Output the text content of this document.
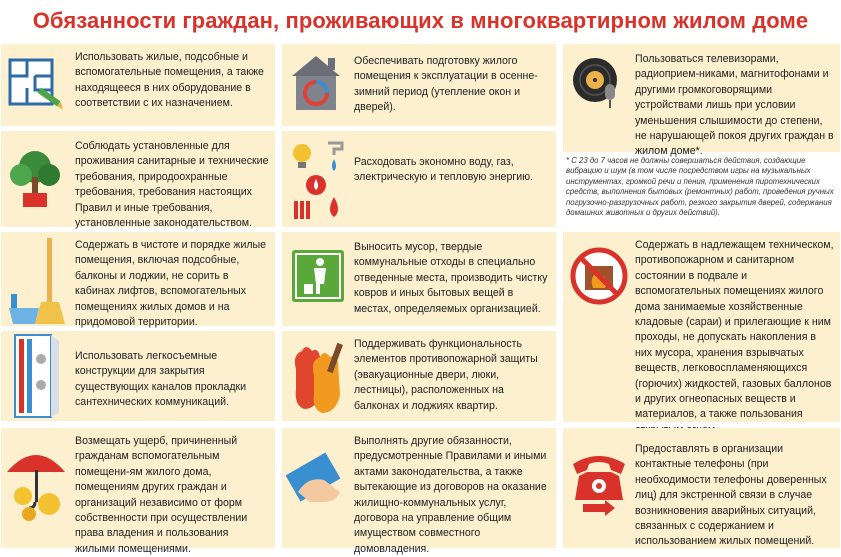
Обязанности граждан, проживающих в многоквартирном жилом доме
Использовать жилые, подсобные и вспомогательные помещения, а также находящееся в них оборудование в соответствии с их назначением.
Обеспечивать подготовку жилого помещения к эксплуатации в осенне-зимний период (утепление окон и дверей).
Пользоваться телевизорами, радиоприем-никами, магнитофонами и другими громкоговорящими устройствами лишь при условии уменьшения слышимости до степени, не нарушающей покоя других граждан в жилом доме*.
Соблюдать установленные для проживания санитарные и технические требования, природоохранные требования, требования настоящих Правил и иные требования, установленные законодательством.
Расходовать экономно воду, газ, электрическую и тепловую энергию.
* С 23 до 7 часов не должны совершаться действия, создающие вибрацию и шум (в том числе посредством игры на музыкальных инструментах, громкой речи и пения, применения пиротехнических средств, выполнения бытовых (ремонтных) работ, проведения ручных погрузочно-разгрузочных работ, резкого закрытия дверей, содержания домашних животных и других действий).
Содержать в чистоте и порядке жилые помещения, включая подсобные, балконы и лоджии, не сорить в кабинах лифтов, вспомогательных помещениях жилых домов и на придомовой территории.
Выносить мусор, твердые коммунальные отходы в специально отведенные места, производить чистку ковров и иных бытовых вещей в местах, определяемых организацией.
Содержать в надлежащем техническом, противопожарном и санитарном состоянии в подвале и вспомогательных помещениях жилого дома занимаемые хозяйственные кладовые (сараи) и прилегающие к ним проходы, не допускать накопления в них мусора, хранения взрывчатых веществ, легковоспламеняющихся (горючих) жидкостей, газовых баллонов и других огнеопасных веществ и материалов, а также пользования
Использовать легкосъемные конструкции для закрытия существующих каналов прокладки сантехнических коммуникаций.
Поддерживать функциональность элементов противопожарной защиты (эвакуационные двери, люки, лестницы), расположенных на балконах и лоджиях квартир.
Возмещать ущерб, причиненный гражданам вспомогательным помещени-ям жилого дома, помещениям других граждан и организаций независимо от форм собственности при осуществлении права владения и пользования жилыми помещениями.
Выполнять другие обязанности, предусмотренные Правилами и иными актами законодательства, а также вытекающие из договоров на оказание жилищно-коммунальных услуг, договора на управление общим имуществом совместного домовладения.
Предоставлять в организации контактные телефоны (при необходимости телефоны доверенных лиц) для экстренной связи в случае возникновения аварийных ситуаций, связанных с содержанием и использованием жилых помещений.
